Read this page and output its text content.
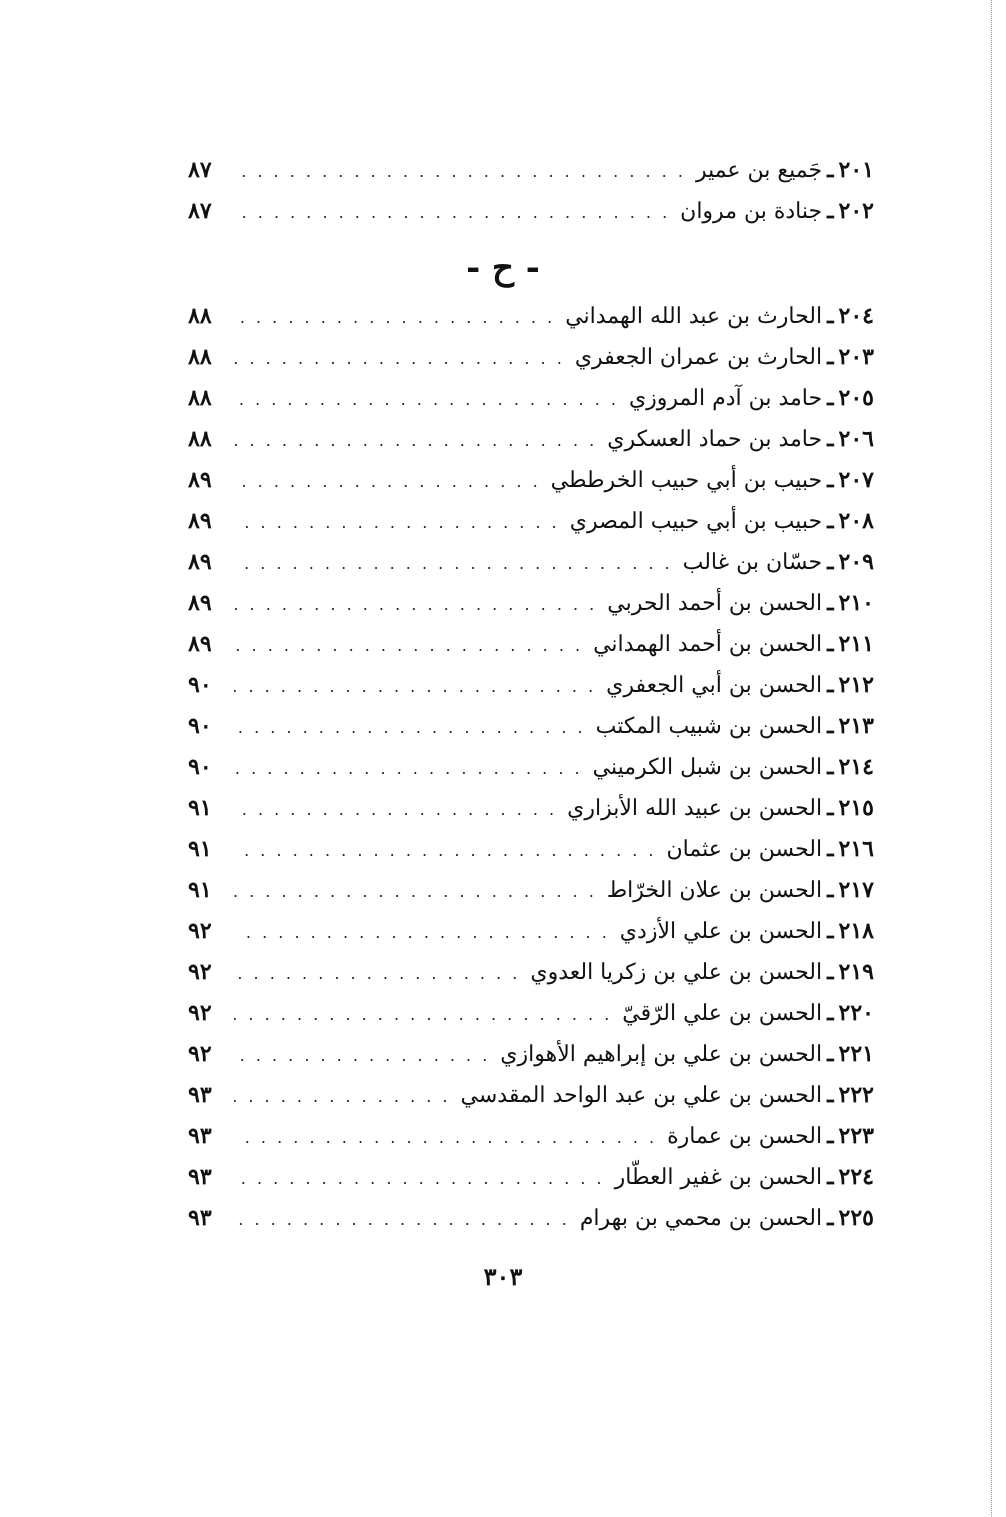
٢٠١
ـ
جَميع بن عمير
. . .
٨٧
٢٠٢
ـ
جنادة بن مروان
. . .
٨٧
- ح -
٢٠٤
ـ
الحارث بن عبد الله الهمداني
. . .
٨٨
٢٠٣
ـ
الحارث بن عمران الجعفري
. . .
٨٨
٢٠٥
ـ
حامد بن آدم المروزي
. . .
٨٨
٢٠٦
ـ
حامد بن حماد العسكري
. . .
٨٨
٢٠٧
ـ
حبيب بن أبي حبيب الخرططي
. . .
٨٩
٢٠٨
ـ
حبيب بن أبي حبيب المصري
. . .
٨٩
٢٠٩
ـ
حسّان بن غالب
. . .
٨٩
٢١٠
ـ
الحسن بن أحمد الحربي
. . .
٨٩
٢١١
ـ
الحسن بن أحمد الهمداني
. . .
٨٩
٢١٢
ـ
الحسن بن أبي الجعفري
. . .
٩٠
٢١٣
ـ
الحسن بن شبيب المكتب
. . .
٩٠
٢١٤
ـ
الحسن بن شبل الكرميني
. . .
٩٠
٢١٥
ـ
الحسن بن عبيد الله الأبزاري
. . .
٩١
٢١٦
ـ
الحسن بن عثمان
. . .
٩١
٢١٧
ـ
الحسن بن علان الخرّاط
. . .
٩١
٢١٨
ـ
الحسن بن علي الأزدي
. . .
٩٢
٢١٩
ـ
الحسن بن علي بن زكريا العدوي
. . .
٩٢
٢٢٠
ـ
الحسن بن علي الرّقيّ
. . .
٩٢
٢٢١
ـ
الحسن بن علي بن إبراهيم الأهوازي
. . .
٩٢
٢٢٢
ـ
الحسن بن علي بن عبد الواحد المقدسي
. . .
٩٣
٢٢٣
ـ
الحسن بن عمارة
. . .
٩٣
٢٢٤
ـ
الحسن بن غفير العطّار
. . .
٩٣
٢٢٥
ـ
الحسن بن محمي بن بهرام
. . .
٩٣
٣٠٣
